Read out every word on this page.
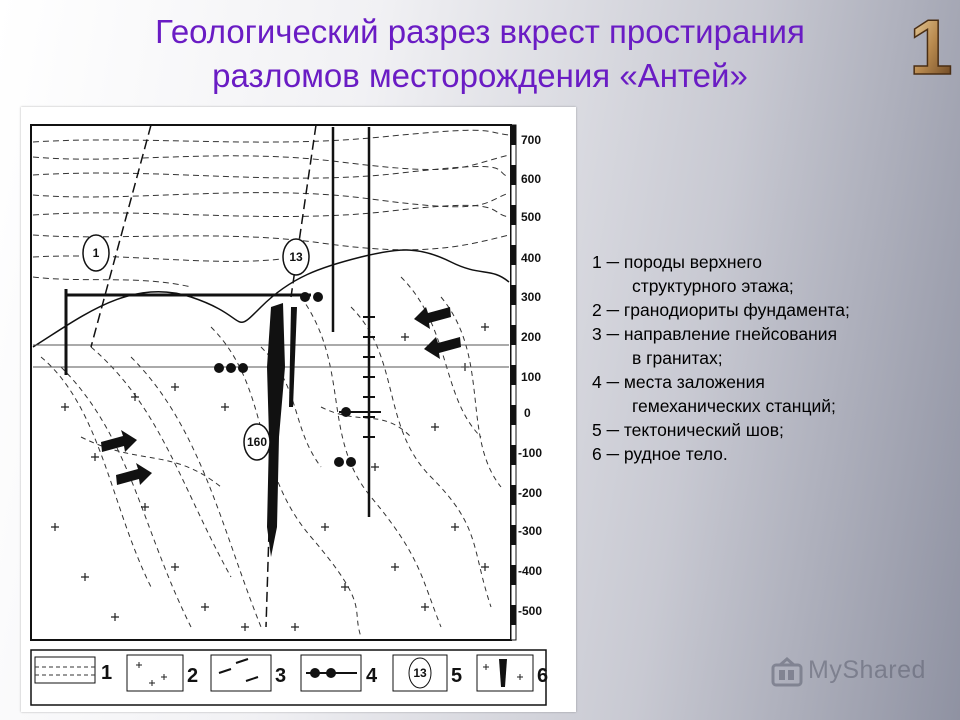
Геологический разрез вкрест простирания
разломов месторождения «Антей»	1
1	13
160
700
600
500
400
300
200
100
0
-100
-200
-300
-400
-500
1	2	3	4	13 5	6

1 ─ породы верхнего
структурного этажа;

2 ─ гранодиориты фундамента;

3 ─ направление гнейсования
в гранитах;

4 ─ места заложения
гемеханических станций;

5 ─ тектонический шов;

6 ─ рудное тело.

MyShared
